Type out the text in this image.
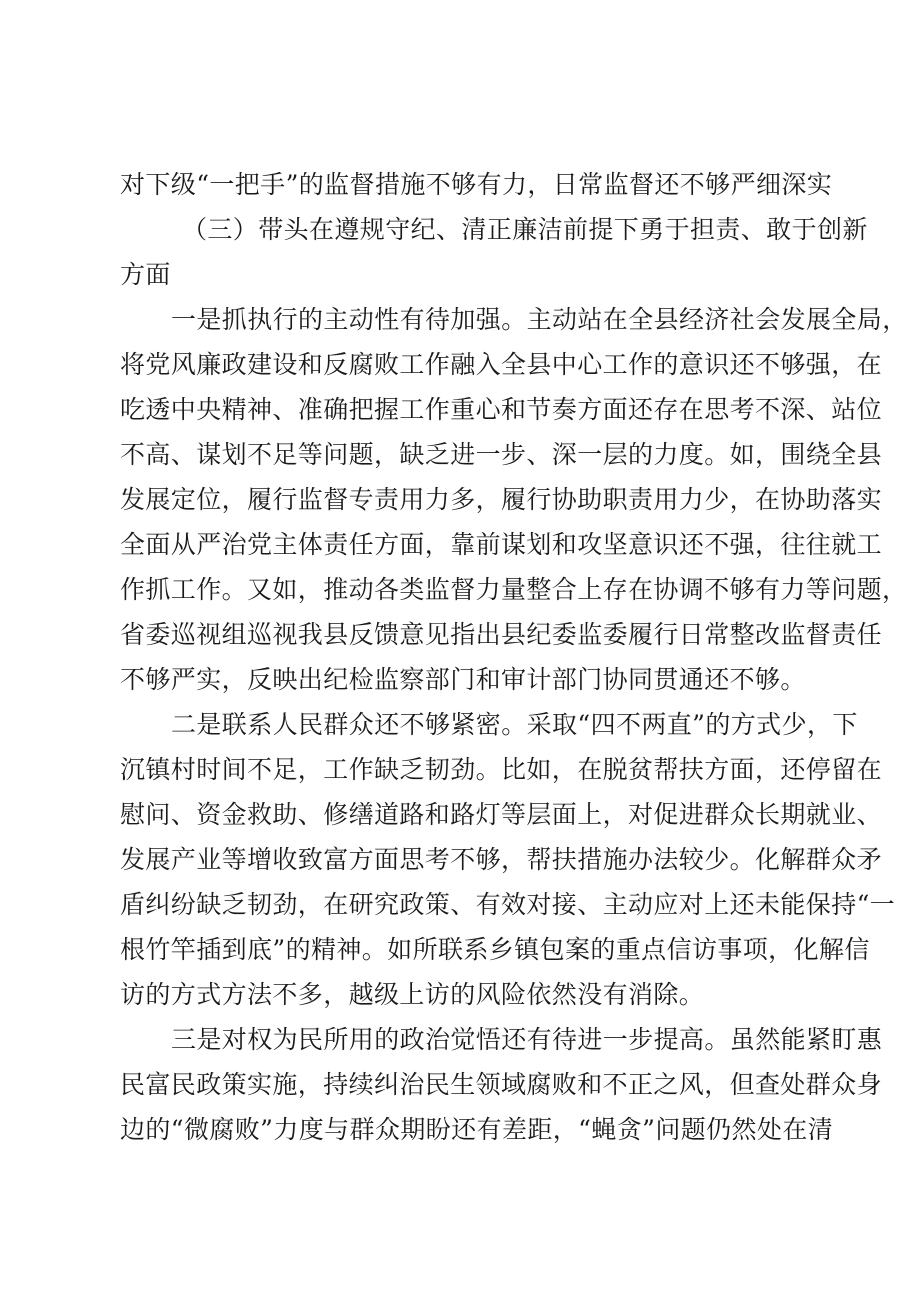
对下级“一把手”的监督措施不够有力，日常监督还不够严细深实
（三）带头在遵规守纪、清正廉洁前提下勇于担责、敢于创新
方面
一是抓执行的主动性有待加强。主动站在全县经济社会发展全局，
将党风廉政建设和反腐败工作融入全县中心工作的意识还不够强，在
吃透中央精神、准确把握工作重心和节奏方面还存在思考不深、站位
不高、谋划不足等问题，缺乏进一步、深一层的力度。如，围绕全县
发展定位，履行监督专责用力多，履行协助职责用力少，在协助落实
全面从严治党主体责任方面，靠前谋划和攻坚意识还不强，往往就工
作抓工作。又如，推动各类监督力量整合上存在协调不够有力等问题，
省委巡视组巡视我县反馈意见指出县纪委监委履行日常整改监督责任
不够严实，反映出纪检监察部门和审计部门协同贯通还不够。
二是联系人民群众还不够紧密。采取“四不两直”的方式少，下
沉镇村时间不足，工作缺乏韧劲。比如，在脱贫帮扶方面，还停留在
慰问、资金救助、修缮道路和路灯等层面上，对促进群众长期就业、
发展产业等增收致富方面思考不够，帮扶措施办法较少。化解群众矛
盾纠纷缺乏韧劲，在研究政策、有效对接、主动应对上还未能保持“一
根竹竿插到底”的精神。如所联系乡镇包案的重点信访事项，化解信
访的方式方法不多，越级上访的风险依然没有消除。
三是对权为民所用的政治觉悟还有待进一步提高。虽然能紧盯惠
民富民政策实施，持续纠治民生领域腐败和不正之风，但查处群众身
边的“微腐败”力度与群众期盼还有差距，“蝇贪”问题仍然处在清
